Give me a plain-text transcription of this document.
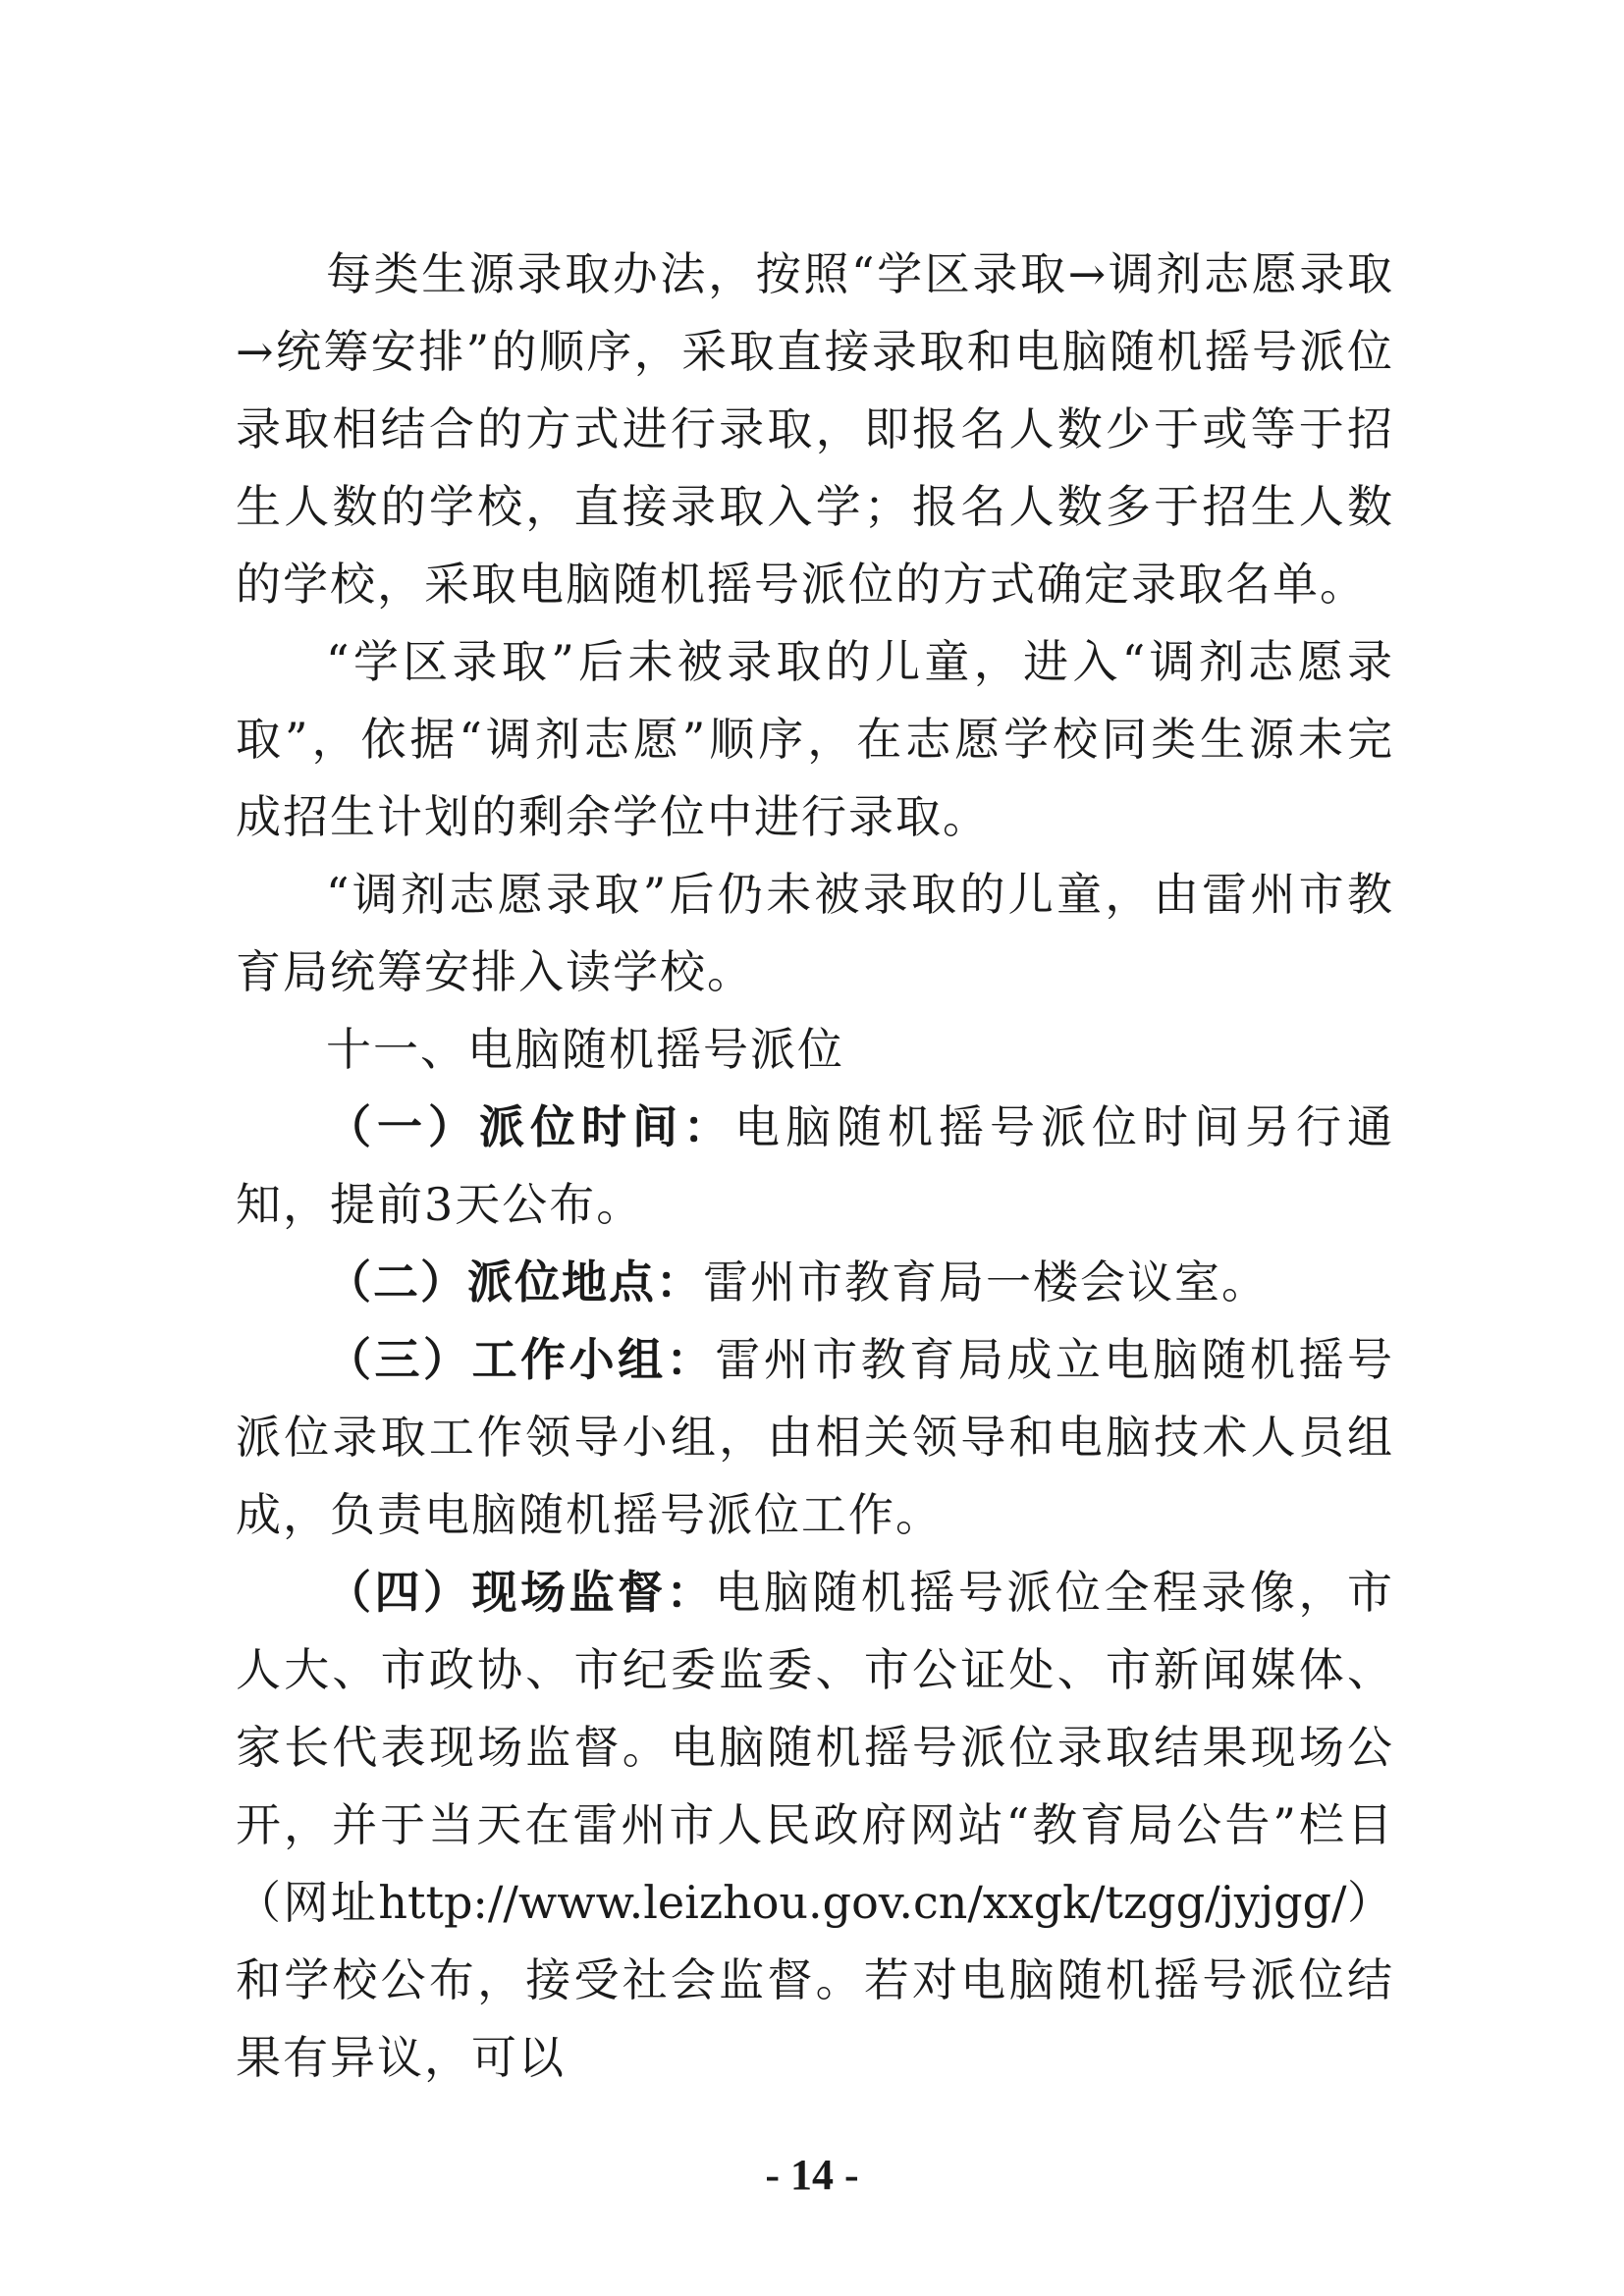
每类生源录取办法，按照“学区录取→调剂志愿录取→统筹安排”的顺序，采取直接录取和电脑随机摇号派位录取相结合的方式进行录取，即报名人数少于或等于招生人数的学校，直接录取入学；报名人数多于招生人数的学校，采取电脑随机摇号派位的方式确定录取名单。

“学区录取”后未被录取的儿童，进入“调剂志愿录取”，依据“调剂志愿”顺序，在志愿学校同类生源未完成招生计划的剩余学位中进行录取。

“调剂志愿录取”后仍未被录取的儿童，由雷州市教育局统筹安排入读学校。

十一、电脑随机摇号派位

（一）派位时间：电脑随机摇号派位时间另行通知，提前3天公布。

（二）派位地点：雷州市教育局一楼会议室。

（三）工作小组：雷州市教育局成立电脑随机摇号派位录取工作领导小组，由相关领导和电脑技术人员组成，负责电脑随机摇号派位工作。

（四）现场监督：电脑随机摇号派位全程录像，市人大、市政协、市纪委监委、市公证处、市新闻媒体、家长代表现场监督。电脑随机摇号派位录取结果现场公开，并于当天在雷州市人民政府网站“教育局公告”栏目（网址http://www.leizhou.gov.cn/xxgk/tzgg/jyjgg/）和学校公布，接受社会监督。若对电脑随机摇号派位结果有异议，可以

- 14 -
